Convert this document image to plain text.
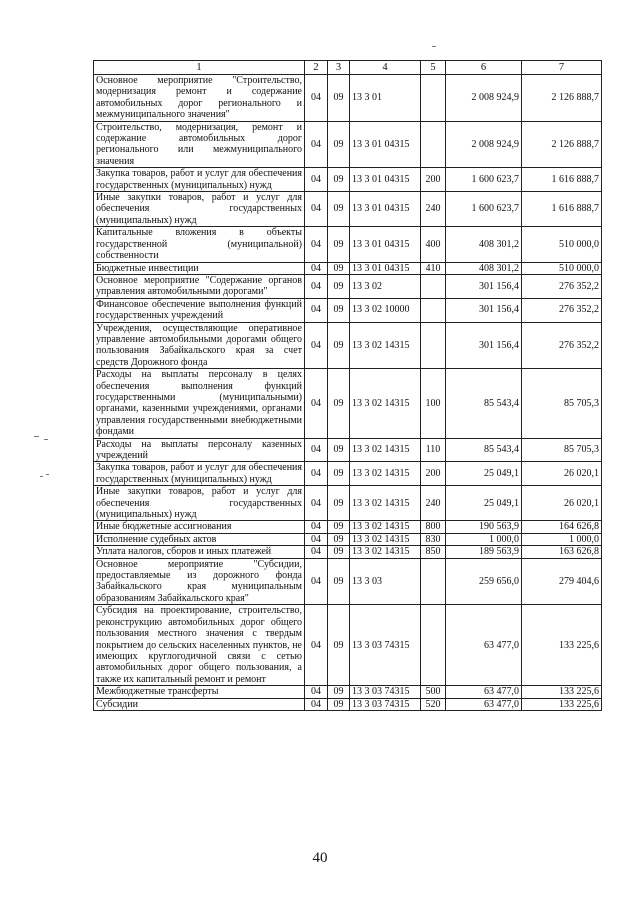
1	2	3	4	5	6	7
Основное мероприятие "Строительство, модернизация ремонт и содержание автомобильных дорог регионального и межмуниципального значения"	04	09	13 3 01		2 008 924,9	2 126 888,7
Строительство, модернизация, ремонт и содержание автомобильных дорог регионального или межмуниципального значения	04	09	13 3 01 04315		2 008 924,9	2 126 888,7
Закупка товаров, работ и услуг для обеспечения государственных (муниципальных) нужд	04	09	13 3 01 04315	200	1 600 623,7	1 616 888,7
Иные закупки товаров, работ и услуг для обеспечения государственных (муниципальных) нужд	04	09	13 3 01 04315	240	1 600 623,7	1 616 888,7
Капитальные вложения в объекты государственной (муниципальной) собственности	04	09	13 3 01 04315	400	408 301,2	510 000,0
Бюджетные инвестиции	04	09	13 3 01 04315	410	408 301,2	510 000,0
Основное мероприятие "Содержание органов управления автомобильными дорогами"	04	09	13 3 02		301 156,4	276 352,2
Финансовое обеспечение выполнения функций государственных учреждений	04	09	13 3 02 10000		301 156,4	276 352,2
Учреждения, осуществляющие оперативное управление автомобильными дорогами общего пользования Забайкальского края за счет средств Дорожного фонда	04	09	13 3 02 14315		301 156,4	276 352,2
Расходы на выплаты персоналу в целях обеспечения выполнения функций государственными (муниципальными) органами, казенными учреждениями, органами управления государственными внебюджетными фондами	04	09	13 3 02 14315	100	85 543,4	85 705,3
Расходы на выплаты персоналу казенных учреждений	04	09	13 3 02 14315	110	85 543,4	85 705,3
Закупка товаров, работ и услуг для обеспечения государственных (муниципальных) нужд	04	09	13 3 02 14315	200	25 049,1	26 020,1
Иные закупки товаров, работ и услуг для обеспечения государственных (муниципальных) нужд	04	09	13 3 02 14315	240	25 049,1	26 020,1
Иные бюджетные ассигнования	04	09	13 3 02 14315	800	190 563,9	164 626,8
Исполнение судебных актов	04	09	13 3 02 14315	830	1 000,0	1 000,0
Уплата налогов, сборов и иных платежей	04	09	13 3 02 14315	850	189 563,9	163 626,8
Основное мероприятие "Субсидии, предоставляемые из дорожного фонда Забайкальского края муниципальным образованиям Забайкальского края"	04	09	13 3 03		259 656,0	279 404,6
Субсидия на проектирование, строительство, реконструкцию автомобильных дорог общего пользования местного значения с твердым покрытием до сельских населенных пунктов, не имеющих круглогодичной связи с сетью автомобильных дорог общего пользования, а также их капитальный ремонт и ремонт	04	09	13 3 03 74315		63 477,0	133 225,6
Межбюджетные трансферты	04	09	13 3 03 74315	500	63 477,0	133 225,6
Субсидии	04	09	13 3 03 74315	520	63 477,0	133 225,6
40
